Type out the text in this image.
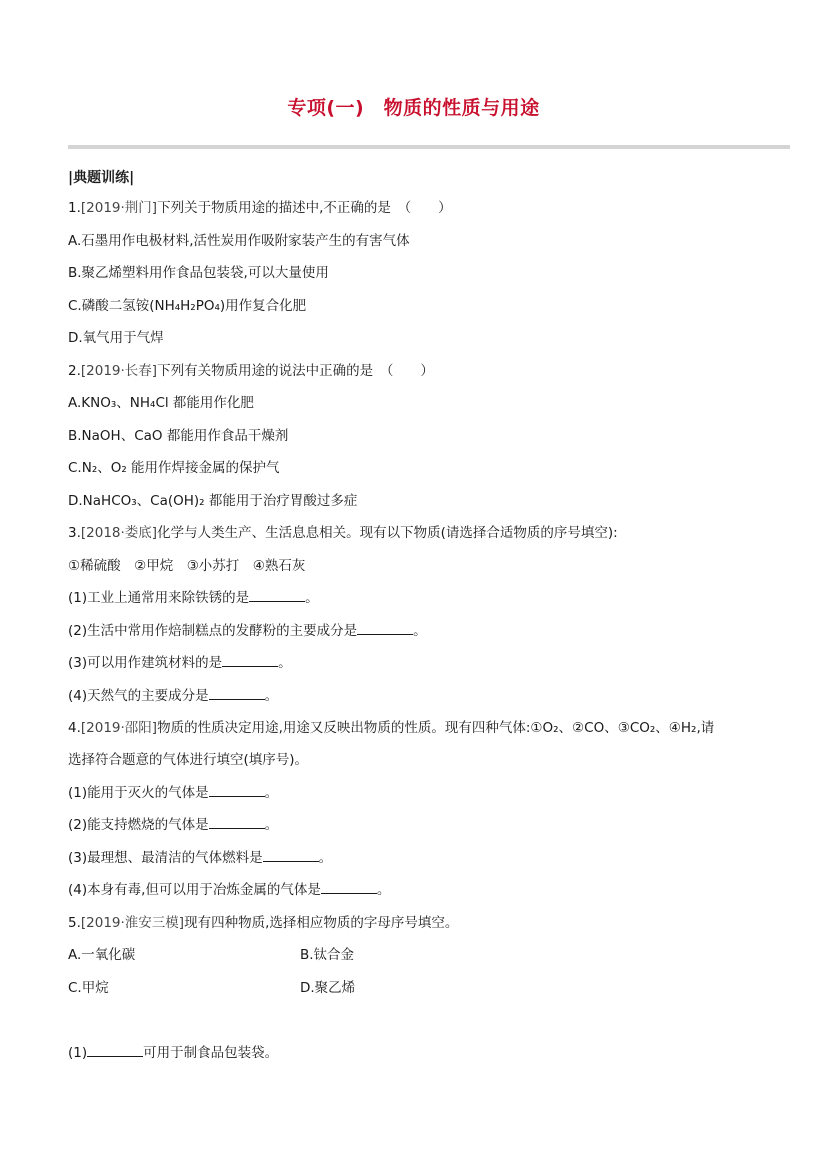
专项(一)　物质的性质与用途
|典题训练|
1.[2019·荆门]下列关于物质用途的描述中,不正确的是　（　　）
A.石墨用作电极材料,活性炭用作吸附家装产生的有害气体
B.聚乙烯塑料用作食品包装袋,可以大量使用
C.磷酸二氢铵(NH₄H₂PO₄)用作复合化肥
D.氧气用于气焊
2.[2019·长春]下列有关物质用途的说法中正确的是　（　　）
A.KNO₃、NH₄Cl 都能用作化肥
B.NaOH、CaO 都能用作食品干燥剂
C.N₂、O₂ 能用作焊接金属的保护气
D.NaHCO₃、Ca(OH)₂ 都能用于治疗胃酸过多症
3.[2018·娄底]化学与人类生产、生活息息相关。现有以下物质(请选择合适物质的序号填空):
①稀硫酸　②甲烷　③小苏打　④熟石灰
(1)工业上通常用来除铁锈的是	。
(2)生活中常用作焙制糕点的发酵粉的主要成分是	。
(3)可以用作建筑材料的是	。
(4)天然气的主要成分是	。
4.[2019·邵阳]物质的性质决定用途,用途又反映出物质的性质。现有四种气体:①O₂、②CO、③CO₂、④H₂,请
选择符合题意的气体进行填空(填序号)。
(1)能用于灭火的气体是	。
(2)能支持燃烧的气体是	。
(3)最理想、最清洁的气体燃料是	。
(4)本身有毒,但可以用于冶炼金属的气体是	。
5.[2019·淮安三模]现有四种物质,选择相应物质的字母序号填空。
A.一氧化碳	B.钛合金
C.甲烷	D.聚乙烯
(1)	可用于制食品包装袋。
